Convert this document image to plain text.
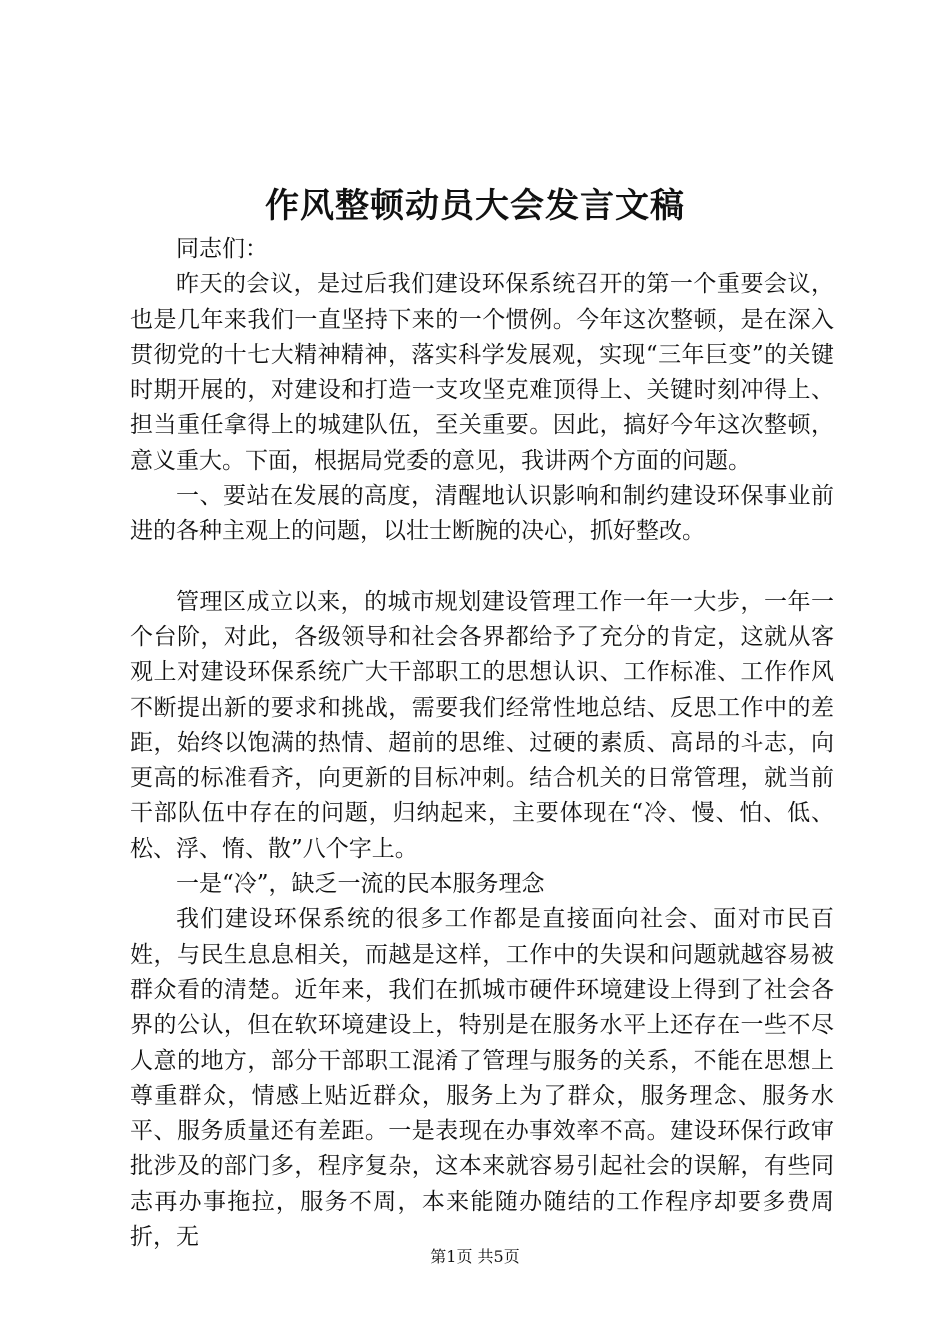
作风整顿动员大会发言文稿

同志们：

昨天的会议，是过后我们建设环保系统召开的第一个重要会议，也是几年来我们一直坚持下来的一个惯例。今年这次整顿，是在深入贯彻党的十七大精神精神，落实科学发展观，实现“三年巨变”的关键时期开展的，对建设和打造一支攻坚克难顶得上、关键时刻冲得上、担当重任拿得上的城建队伍，至关重要。因此，搞好今年这次整顿，意义重大。下面，根据局党委的意见，我讲两个方面的问题。

一、要站在发展的高度，清醒地认识影响和制约建设环保事业前进的各种主观上的问题，以壮士断腕的决心，抓好整改。

管理区成立以来，的城市规划建设管理工作一年一大步，一年一个台阶，对此，各级领导和社会各界都给予了充分的肯定，这就从客观上对建设环保系统广大干部职工的思想认识、工作标准、工作作风不断提出新的要求和挑战，需要我们经常性地总结、反思工作中的差距，始终以饱满的热情、超前的思维、过硬的素质、高昂的斗志，向更高的标准看齐，向更新的目标冲刺。结合机关的日常管理，就当前干部队伍中存在的问题，归纳起来，主要体现在“冷、慢、怕、低、松、浮、惰、散”八个字上。

一是“冷”，缺乏一流的民本服务理念

我们建设环保系统的很多工作都是直接面向社会、面对市民百姓，与民生息息相关，而越是这样，工作中的失误和问题就越容易被群众看的清楚。近年来，我们在抓城市硬件环境建设上得到了社会各界的公认，但在软环境建设上，特别是在服务水平上还存在一些不尽人意的地方，部分干部职工混淆了管理与服务的关系，不能在思想上尊重群众，情感上贴近群众，服务上为了群众，服务理念、服务水平、服务质量还有差距。一是表现在办事效率不高。建设环保行政审批涉及的部门多，程序复杂，这本来就容易引起社会的误解，有些同志再办事拖拉，服务不周，本来能随办随结的工作程序却要多费周折，无

第1页 共5页
